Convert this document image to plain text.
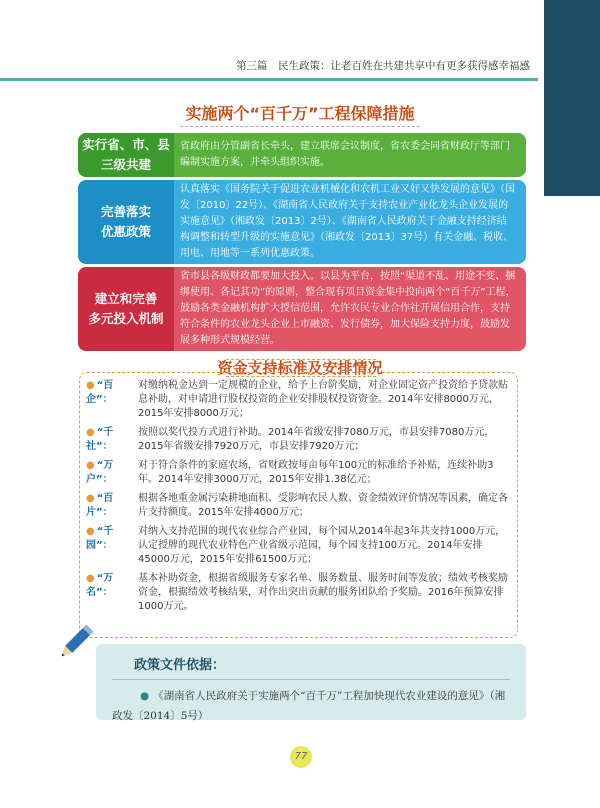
第三篇　民生政策：让老百姓在共建共享中有更多获得感幸福感
实施两个“百千万”工程保障措施
实行省、市、县
三级共建
省政府由分管副省长牵头，建立联席会议制度，省农委会同省财政厅等部门编制实施方案，并牵头组织实施。
完善落实
优惠政策
认真落实《国务院关于促进农业机械化和农机工业又好又快发展的意见》（国发〔2010〕22号）、《湖南省人民政府关于支持农业产业化龙头企业发展的实施意见》（湘政发〔2013〕2号）、《湖南省人民政府关于金融支持经济结构调整和转型升级的实施意见》（湘政发〔2013〕37号）有关金融、税收、用电、用地等一系列优惠政策。
建立和完善
多元投入机制
省市县各级财政都要加大投入。以县为平台，按照“渠道不乱、用途不变、捆绑使用、各记其功”的原则，整合现有项目资金集中投向两个“百千万”工程，鼓励各类金融机构扩大授信范围，允许农民专业合作社开展信用合作，支持符合条件的农业龙头企业上市融资、发行债券，加大保险支持力度，鼓励发展多种形式规模经营。
资金支持标准及安排情况
● “百企”：
对缴纳税金达到一定规模的企业，给予上台阶奖励，对企业固定资产投资给予贷款贴息补助，对申请进行股权投资的企业安排股权投资资金。2014年安排8000万元，2015年安排8000万元；
● “千社”：
按照以奖代投方式进行补助。2014年省级安排7080万元，市县安排7080万元，2015年省级安排7920万元，市县安排7920万元；
● “万户”：
对于符合条件的家庭农场，省财政按每亩每年100元的标准给予补贴，连续补助3年。2014年安排3000万元，2015年安排1.38亿元；
● “百片”：
根据各地重金属污染耕地面积、受影响农民人数、资金绩效评价情况等因素，确定各片支持额度。2015年安排4000万元；
● “千园”：
对纳入支持范围的现代农业综合产业园，每个园从2014年起3年共支持1000万元，认定授牌的现代农业特色产业省级示范园，每个园支持100万元。2014年安排45000万元，2015年安排61500万元；
● “万名”：
基本补助资金，根据省级服务专家名单、服务数量、服务时间等发放；绩效考核奖励资金，根据绩效考核结果，对作出突出贡献的服务团队给予奖励。2016年预算安排1000万元。
政策文件依据：
● 《湖南省人民政府关于实施两个“百千万”工程加快现代农业建设的意见》（湘政发〔2014〕5号）
77
